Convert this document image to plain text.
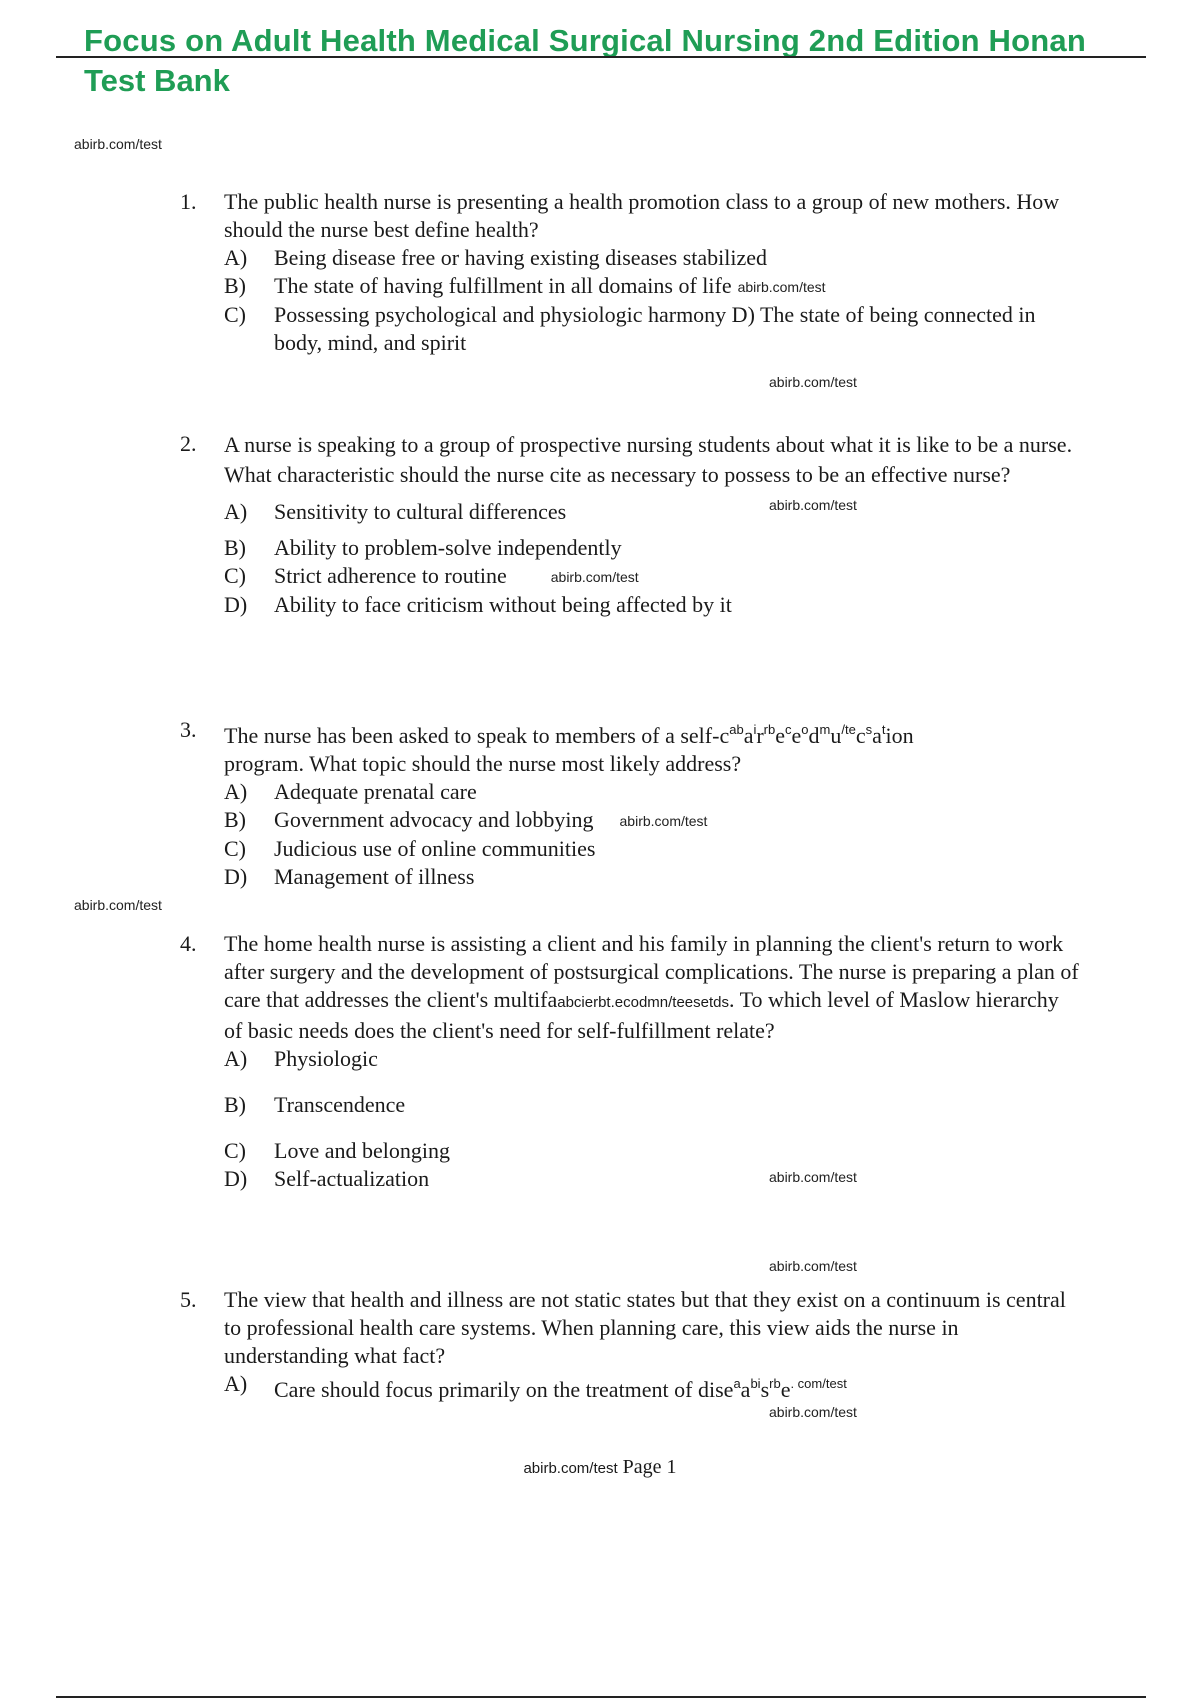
Focus on Adult Health Medical Surgical Nursing 2nd Edition Honan
Test Bank
abirb.com/test
1. The public health nurse is presenting a health promotion class to a group of new mothers. How should the nurse best define health?
A) Being disease free or having existing diseases stabilized
B) The state of having fulfillment in all domains of life abirb.com/test
C) Possessing psychological and physiologic harmony D) The state of being connected in body, mind, and spirit
abirb.com/test
2. A nurse is speaking to a group of prospective nursing students about what it is like to be a nurse. What characteristic should the nurse cite as necessary to possess to be an effective nurse?
A) Sensitivity to cultural differences
B) Ability to problem-solve independently
C) Strict adherence to routine	abirb.com/test
D) Ability to face criticism without being affected by it
abirb.com/test
3. The nurse has been asked to speak to members of a self-$c^{ab}a^ir^{rb}e^ce^od^mu^{/te}c^sa^tion$
program. What topic should the nurse most likely address?
A) Adequate prenatal care
B) Government advocacy and lobbying abirb.com/test
C) Judicious use of online communities
D) Management of illness
abirb.com/test
4. The home health nurse is assisting a client and his family in planning the client's return to work after surgery and the development of postsurgical complications. The nurse is preparing a plan of care that addresses the client's multifaabcierbt.ecodmn/teesetds. To which level of Maslow hierarchy of basic needs does the client's need for self-fulfillment relate?
A) Physiologic
B) Transcendence
C) Love and belonging
D) Self-actualization	abirb.com/test
abirb.com/test
5. The view that health and illness are not static states but that they exist on a continuum is central to professional health care systems. When planning care, this view aids the nurse in understanding what fact?
A) Care should focus primarily on the treatment of $dise^aa^{bi}s^{rb}e^{. com/test}$
abirb.com/test
abirb.com/test Page 1
